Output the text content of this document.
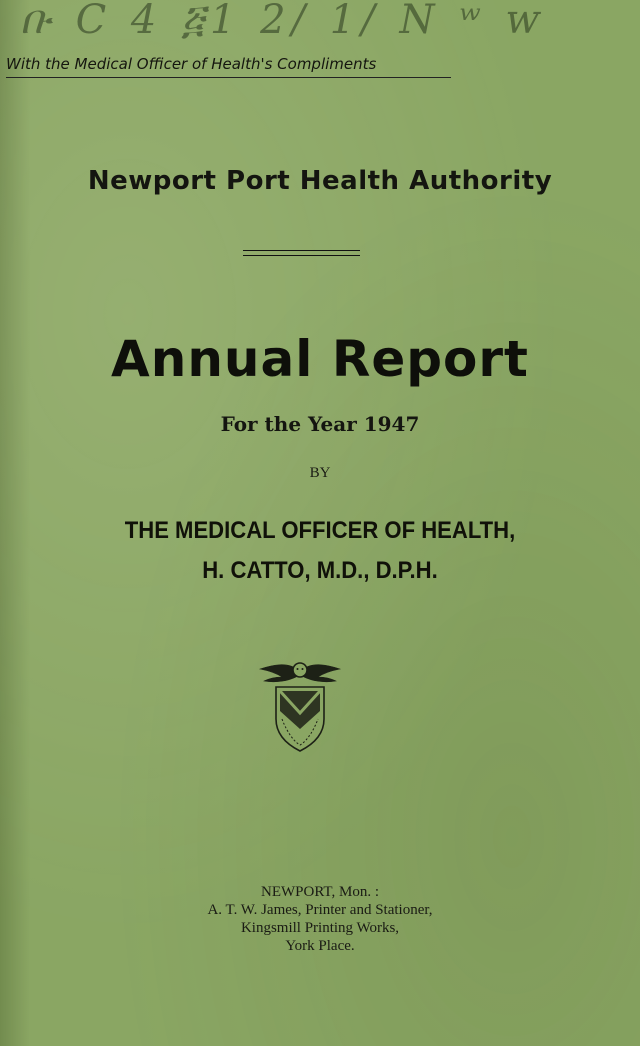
ቡ C 4 ፭1 2/ 1/ N ʷ ᴡ
With the Medical Officer of Health's Compliments
Newport Port Health Authority
Annual Report
For the Year 1947
BY
THE MEDICAL OFFICER OF HEALTH,
H. CATTO, M.D., D.P.H.
NEWPORT, Mon. :
A. T. W. James, Printer and Stationer,
Kingsmill Printing Works,
York Place.
